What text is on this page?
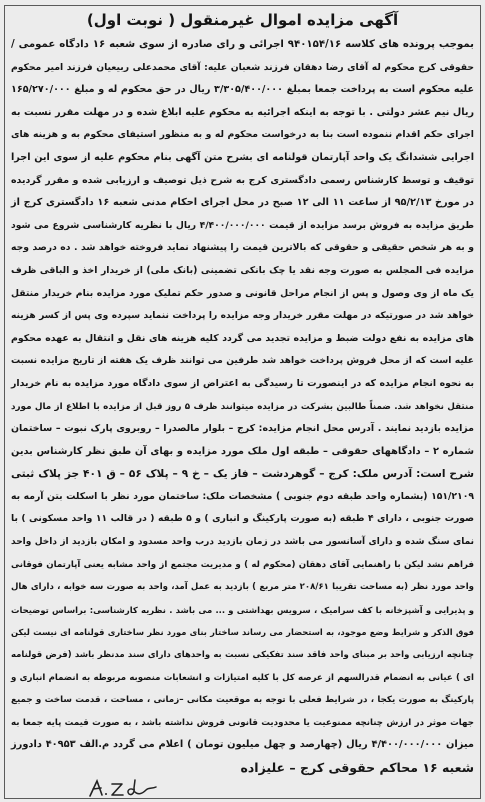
آگهی مزایده اموال غیرمنقول ( نوبت اول)
بموجب پرونده های کلاسه ۹۴۰۱۵۴/۱۶ اجرائی و رای صادره از سوی شعبه ۱۶ دادگاه عمومی /
حقوقی کرج محکوم له آقای رضا دهقان فرزند شعبان علیه: آقای محمدعلی ربیعیان فرزند امیر محکوم
علیه محکوم است به پرداخت جمعا بمبلغ ۳/۳۰۵/۴۰۰/۰۰۰ ریال در حق محکوم له و مبلغ ۱۶۵/۲۷۰/۰۰۰
ریال نیم عشر دولتی . با توجه به اینکه اجرائیه به محکوم علیه ابلاغ شده و در مهلت مقرر نسبت به
اجرای حکم اقدام ننموده است بنا به درخواست محکوم له و به منظور استیفای محکوم به و هزینه های
اجرایی ششدانگ یک واحد آپارتمان قولنامه ای بشرح متن آگهی بنام محکوم علیه از سوی این اجرا
توقیف و توسط کارشناس رسمی دادگستری کرج به شرح ذیل توصیف و ارزیابی شده و مقرر گردیده
در مورخ ۹۵/۲/۱۳ از ساعت ۱۱ الی ۱۲ صبح در محل اجرای احکام مدنی شعبه ۱۶ دادگستری کرج از
طریق مزایده به فروش برسد مزایده از قیمت ۴/۴۰۰/۰۰۰/۰۰۰ ریال با نظریه کارشناسی شروع می شود
و به هر شخص حقیقی و حقوقی که بالاترین قیمت را پیشنهاد نماید فروخته خواهد شد . ده درصد وجه
مزایده فی المجلس به صورت وجه نقد یا چک بانکی تضمینی (بانک ملی) از خریدار اخذ و الباقی ظرف
یک ماه از وی وصول و پس از انجام مراحل قانونی و صدور حکم تملیک مورد مزایده بنام خریدار منتقل
خواهد شد در صورتیکه در مهلت مقرر خریدار وجه مزایده را پرداخت ننماید سپرده وی پس از کسر هزینه
های مزایده به نفع دولت ضبط و مزایده تجدید می گردد کلیه هزینه های نقل و انتقال به عهده محکوم
علیه است که از محل فروش پرداخت خواهد شد طرفین می توانند ظرف یک هفته از تاریخ مزایده نسبت
به نحوه انجام مزایده که در اینصورت تا رسیدگی به اعتراض از سوی دادگاه مورد مزایده به نام خریدار
منتقل نخواهد شد. ضمناً طالبین بشرکت در مزایده میتوانند ظرف ۵ روز قبل از مزایده با اطلاع از مال مورد
مزایده بازدید نمایند . آدرس محل انجام مزایده: کرج – بلوار مالصدرا – روبروی پارک نبوت – ساختمان
شماره ۲ – دادگاههای حقوقی – طبقه اول ملک مورد مزایده و بهای آن طبق نظر کارشناس بدین
شرح است: آدرس ملک: کرج – گوهردشت – فاز یک – خ ۹ – پلاک ۵۶ – ق ۴۰۱ جز پلاک ثبتی
۱۵۱/۲۱۰۹ (بشماره واحد طبقه دوم جنوبی ) مشخصات ملک: ساختمان مورد نظر با اسکلت بتن آرمه به
صورت جنوبی ، دارای ۴ طبقه (به صورت پارکینگ و انباری ) و ۵ طبقه ( در قالب ۱۱ واحد مسکونی ) با
نمای سنگ شده و دارای آسانسور می باشد در زمان بازدید درب واحد مسدود و امکان بازدید از داخل واحد
فراهم نشد لیکن با راهنمایی آقای دهقان (محکوم له ) و مدیریت مجتمع از واحد مشابه یعنی آپارتمان فوقانی
واحد مورد نظر (به مساحت تقریبا ۲۰۸/۶۱ متر مربع ) بازدید به عمل آمد، واحد به صورت سه خوابه ، دارای هال
و پذیرایی و آشپزخانه با کف سرامیک ، سرویس بهداشتی و ... می باشد . نظریه کارشناسی: براساس توضیحات
فوق الذکر و شرایط وضع موجود، به استحضار می رساند ساختار بنای مورد نظر ساختاری قولنامه ای نیست لیکن
چنانچه ارزیابی واحد بر مبنای واحد فاقد سند تفکیکی نسبت به واحدهای دارای سند مدنظر باشد (فرض قولنامه
ای ) عیانی به انضمام قدرالسهم از عرصه کل با کلیه امتیازات و انشعابات منصوبه مربوطه به انضمام انباری و
پارکینگ به صورت یکجا ، در شرایط فعلی با توجه به موقعیت مکانی –زمانی ، مساحت ، قدمت ساخت و جمیع
جهات موثر در ارزش چنانچه ممنوعیت یا محدودیت قانونی فروش نداشته باشد ، به صورت قیمت پایه جمعا به
میزان ۴/۴۰۰/۰۰۰/۰۰۰ ریال (چهارصد و چهل میلیون تومان ) اعلام می گردد م.الف ۴۰۹۵۳ دادورز
شعبه ۱۶ محاکم حقوقی کرج – علیزاده
